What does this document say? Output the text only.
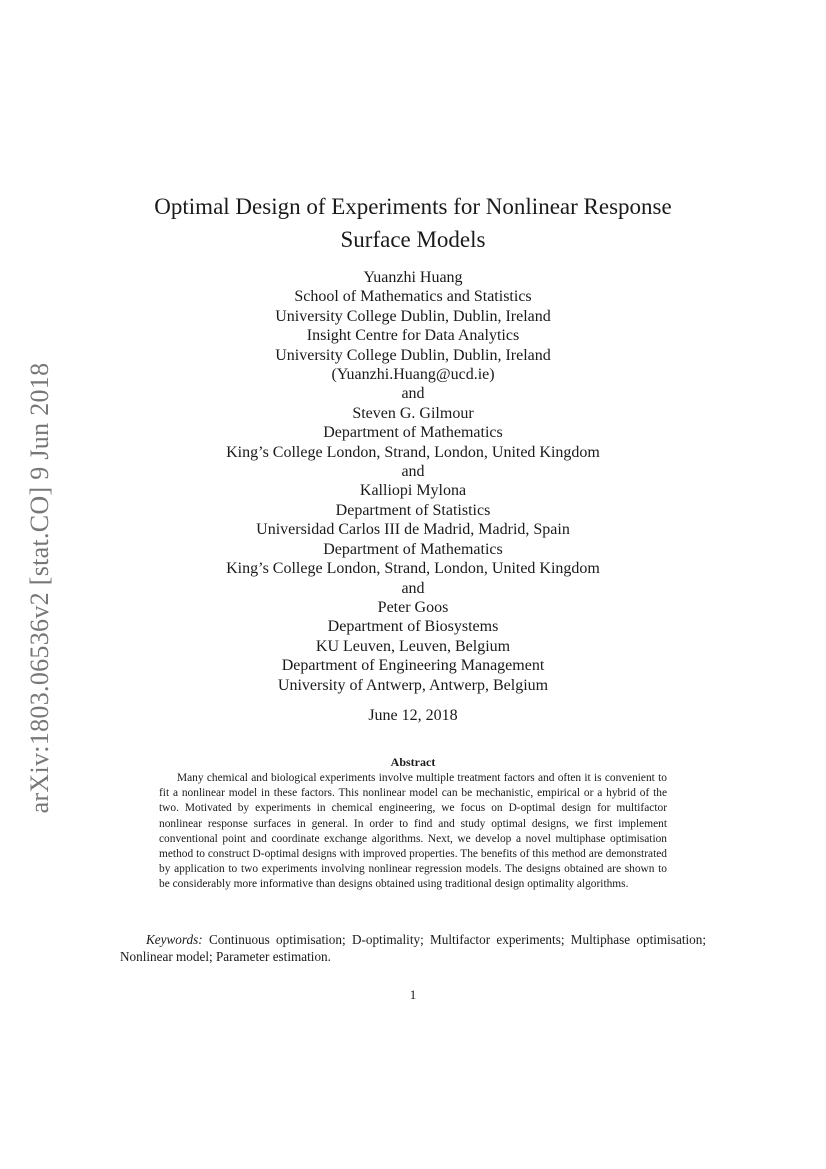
arXiv:1803.06536v2 [stat.CO] 9 Jun 2018
Optimal Design of Experiments for Nonlinear Response
Surface Models
Yuanzhi Huang
School of Mathematics and Statistics
University College Dublin, Dublin, Ireland
Insight Centre for Data Analytics
University College Dublin, Dublin, Ireland
(Yuanzhi.Huang@ucd.ie)
and
Steven G. Gilmour
Department of Mathematics
King’s College London, Strand, London, United Kingdom
and
Kalliopi Mylona
Department of Statistics
Universidad Carlos III de Madrid, Madrid, Spain
Department of Mathematics
King’s College London, Strand, London, United Kingdom
and
Peter Goos
Department of Biosystems
KU Leuven, Leuven, Belgium
Department of Engineering Management
University of Antwerp, Antwerp, Belgium
June 12, 2018
Abstract
Many chemical and biological experiments involve multiple treatment factors and often it is convenient to fit a nonlinear model in these factors. This nonlinear model can be mechanistic, empirical or a hybrid of the two. Motivated by experiments in chemical engineering, we focus on D-optimal design for multifactor nonlinear response surfaces in general. In order to find and study optimal designs, we first implement conventional point and coordinate exchange algorithms. Next, we develop a novel multiphase optimisation method to construct D-optimal designs with improved properties. The benefits of this method are demonstrated by application to two experiments involving nonlinear regression models. The designs obtained are shown to be considerably more informative than designs obtained using traditional design optimality algorithms.
Keywords: Continuous optimisation; D-optimality; Multifactor experiments; Multiphase optimisation; Nonlinear model; Parameter estimation.
1
